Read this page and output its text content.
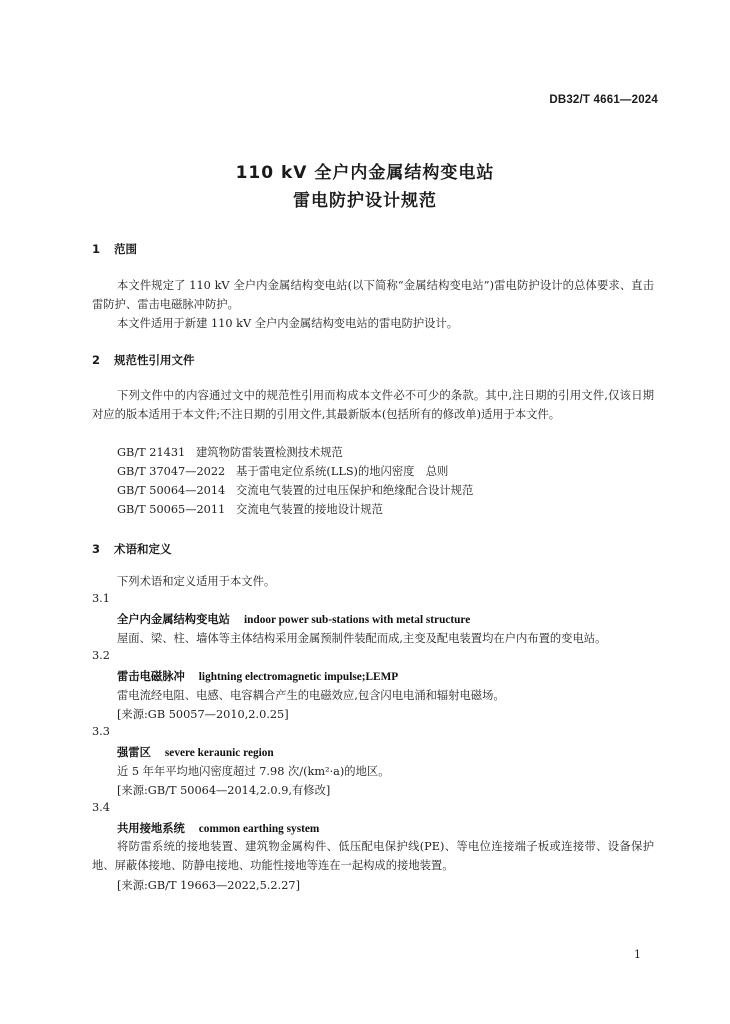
DB32/T 4661—2024
110 kV 全户内金属结构变电站
雷电防护设计规范
1 范围
本文件规定了 110 kV 全户内金属结构变电站(以下简称“金属结构变电站”)雷电防护设计的总体要求、直击雷防护、雷击电磁脉冲防护。
本文件适用于新建 110 kV 全户内金属结构变电站的雷电防护设计。
2 规范性引用文件
下列文件中的内容通过文中的规范性引用而构成本文件必不可少的条款。其中,注日期的引用文件,仅该日期对应的版本适用于本文件;不注日期的引用文件,其最新版本(包括所有的修改单)适用于本文件。
GB/T 21431 建筑物防雷装置检测技术规范
GB/T 37047—2022 基于雷电定位系统(LLS)的地闪密度　总则
GB/T 50064—2014 交流电气装置的过电压保护和绝缘配合设计规范
GB/T 50065—2011 交流电气装置的接地设计规范
3 术语和定义
下列术语和定义适用于本文件。
3.1
全户内金属结构变电站 indoor power sub-stations with metal structure
屋面、梁、柱、墙体等主体结构采用金属预制件装配而成,主变及配电装置均在户内布置的变电站。
3.2
雷击电磁脉冲 lightning electromagnetic impulse;LEMP
雷电流经电阻、电感、电容耦合产生的电磁效应,包含闪电电涌和辐射电磁场。
[来源:GB 50057—2010,2.0.25]
3.3
强雷区 severe keraunic region
近 5 年年平均地闪密度超过 7.98 次/(km²·a)的地区。
[来源:GB/T 50064—2014,2.0.9,有修改]
3.4
共用接地系统 common earthing system
将防雷系统的接地装置、建筑物金属构件、低压配电保护线(PE)、等电位连接端子板或连接带、设备保护地、屏蔽体接地、防静电接地、功能性接地等连在一起构成的接地装置。
[来源:GB/T 19663—2022,5.2.27]
1
